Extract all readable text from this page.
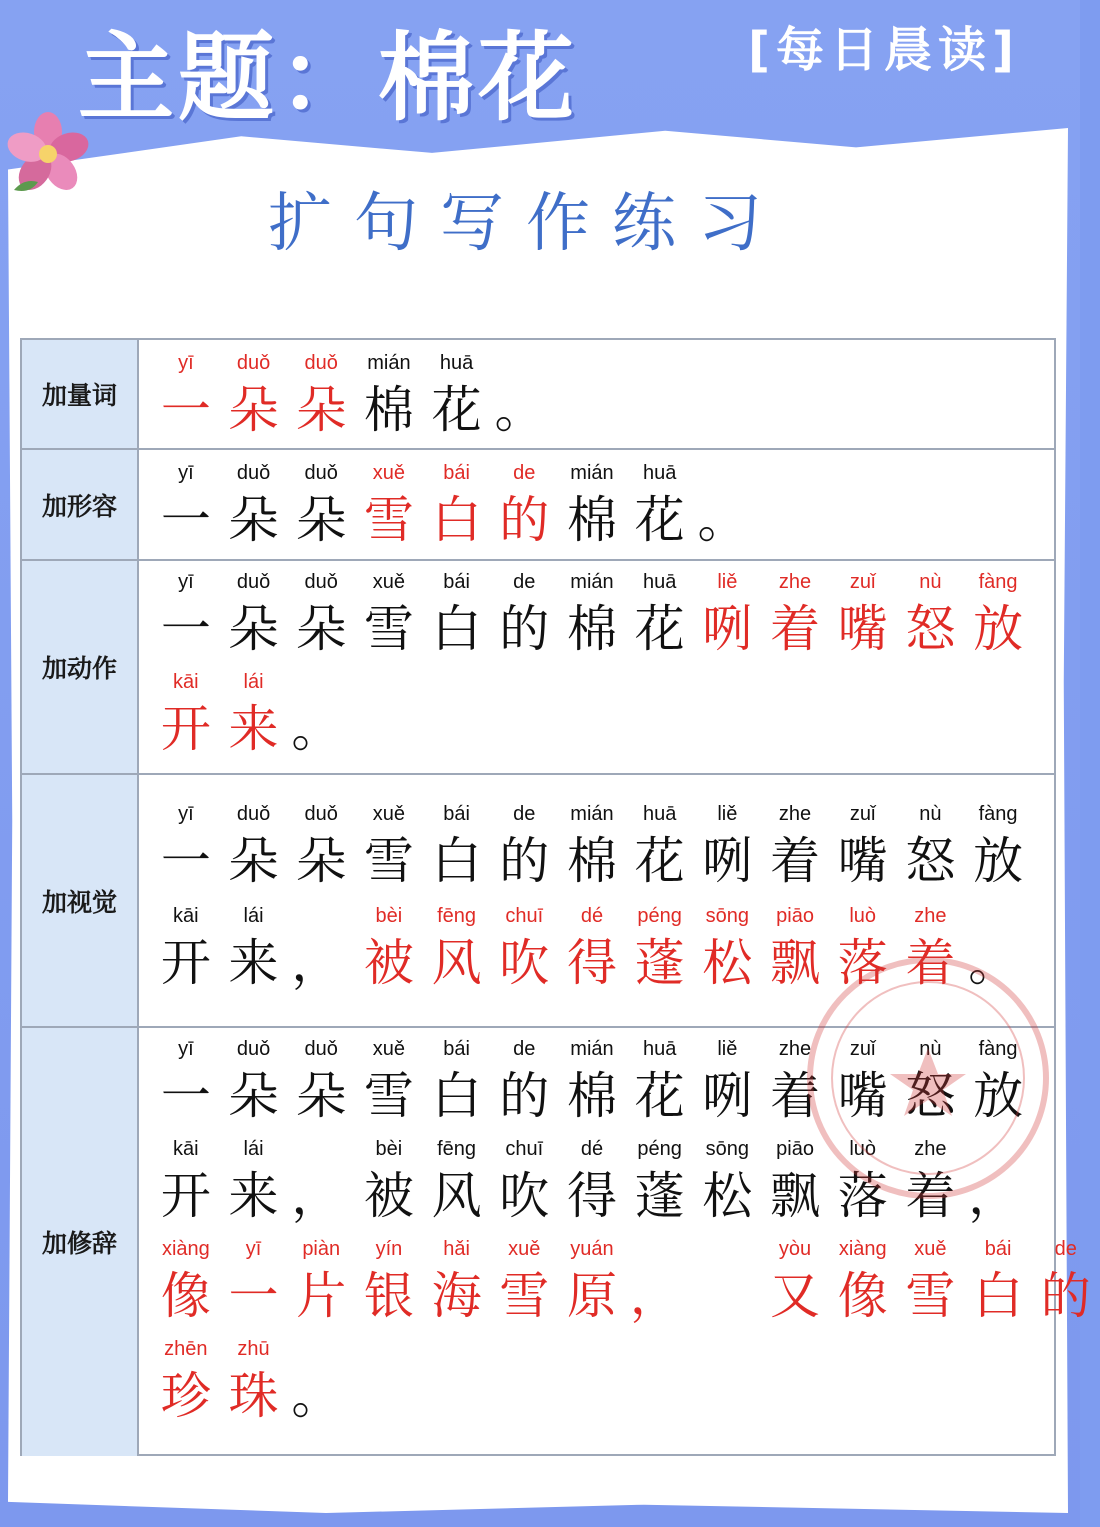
主题：棉花	[每日晨读]
扩句写作练习
加量词
yī
一
duǒ
朵
duǒ
朵
mián
棉
huā
花 。
加形容
yī
一
duǒ
朵
duǒ
朵
xuě
雪
bái
白
de
的
mián
棉
huā
花 。
加动作
yī
一
duǒ
朵
duǒ
朵
xuě
雪
bái
白
de
的
mián
棉
huā
花
liě
咧
zhe
着
zuǐ
嘴
nù
怒
fàng
放
kāi
开
lái
来 。
加视觉
yī
一
duǒ
朵
duǒ
朵
xuě
雪
bái
白
de
的
mián
棉
huā
花
liě
咧
zhe
着
zuǐ
嘴
nù
怒
fàng
放
kāi
开
lái
来 ，
bèi
被
fēng
风
chuī
吹
dé
得
péng
蓬
sōng
松
piāo
飘
luò
落
zhe
着 。
加修辞
yī
一
duǒ
朵
duǒ
朵
xuě
雪
bái
白
de
的
mián
棉
huā
花
liě
咧
zhe
着
zuǐ
嘴
nù
怒
fàng
放
kāi
开
lái
来 ，
bèi
被
fēng
风
chuī
吹
dé
得
péng
蓬
sōng
松
piāo
飘
luò
落
zhe
着 ，
xiàng
像
yī
一
piàn
片
yín
银
hǎi
海
xuě
雪
yuán
原 ，
yòu
又
xiàng
像
xuě
雪
bái
白
de
的
zhēn
珍
zhū
珠 。
